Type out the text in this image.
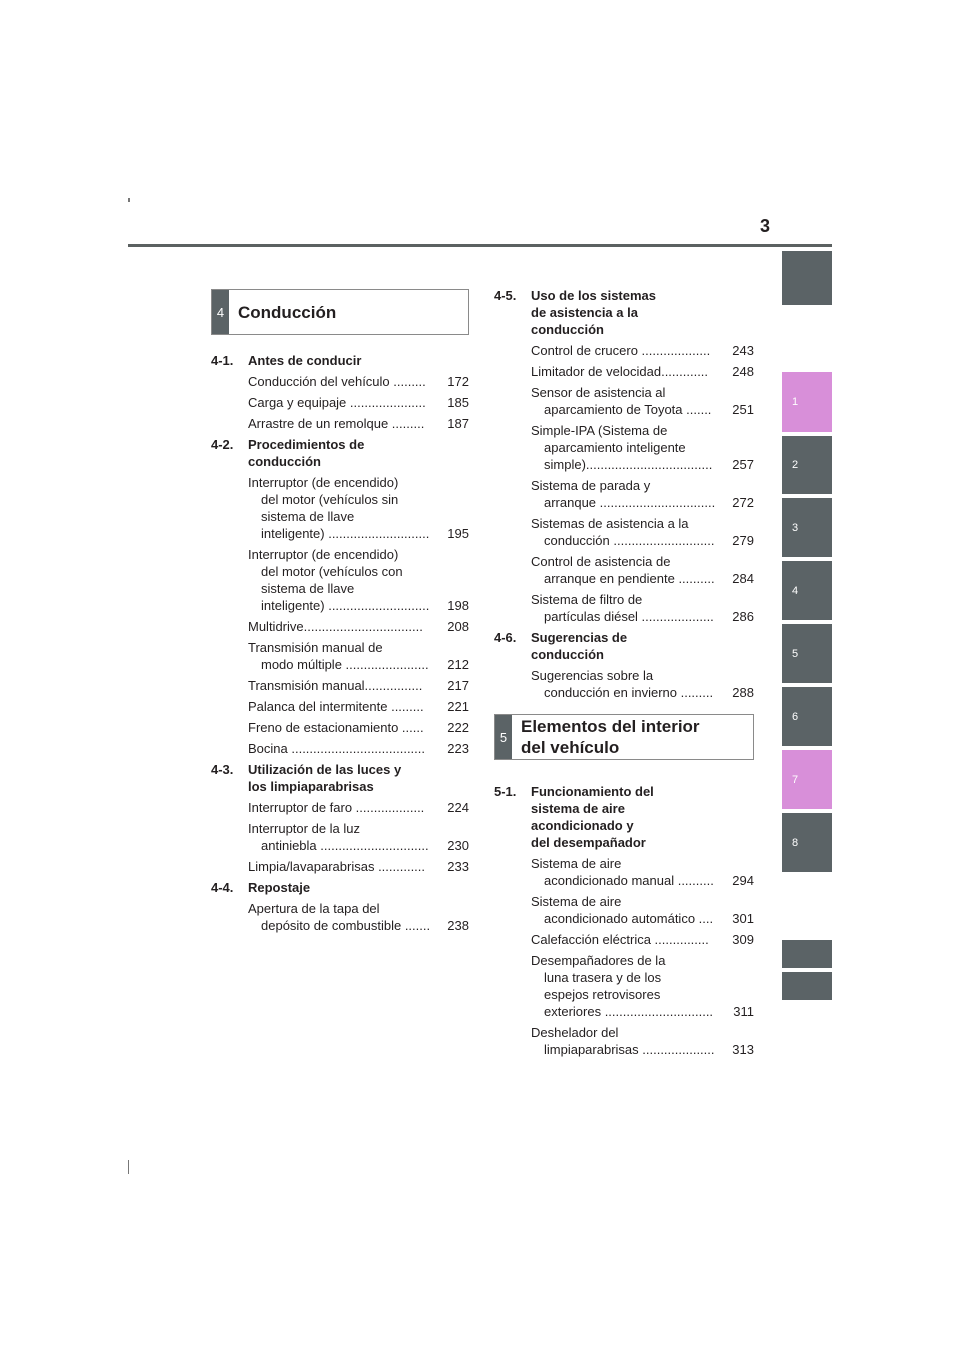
3
1
2
3
4
5
6
7
8
4 Conducción
4-1.	Antes de conducir
Conducción del vehículo .........	172
Carga y equipaje .....................	185
Arrastre de un remolque .........	187
4-2.	Procedimientos de
conducción
Interruptor (de encendido)
del motor (vehículos sin
sistema de llave
inteligente) ............................	195
Interruptor (de encendido)
del motor (vehículos con
sistema de llave
inteligente) ............................	198
Multidrive.................................	208
Transmisión manual de
modo múltiple .......................	212
Transmisión manual................	217
Palanca del intermitente .........	221
Freno de estacionamiento ......	222
Bocina .....................................	223
4-3.	Utilización de las luces y
los limpiaparabrisas
Interruptor de faro ...................	224
Interruptor de la luz
antiniebla ..............................	230
Limpia/lavaparabrisas .............	233
4-4.	Repostaje
Apertura de la tapa del
depósito de combustible .......	238
4-5.	Uso de los sistemas
de asistencia a la
conducción
Control de crucero ...................	243
Limitador de velocidad.............	248
Sensor de asistencia al
aparcamiento de Toyota .......	251
Simple-IPA (Sistema de
aparcamiento inteligente
simple)...................................	257
Sistema de parada y
arranque ................................	272
Sistemas de asistencia a la
conducción ............................	279
Control de asistencia de
arranque en pendiente ..........	284
Sistema de filtro de
partículas diésel ....................	286
4-6.	Sugerencias de
conducción
Sugerencias sobre la
conducción en invierno .........	288
5
Elementos del interior
del vehículo
5-1.	Funcionamiento del
sistema de aire
acondicionado y
del desempañador
Sistema de aire
acondicionado manual ..........	294
Sistema de aire
acondicionado automático ....	301
Calefacción eléctrica ...............	309
Desempañadores de la
luna trasera y de los
espejos retrovisores
exteriores ..............................	311
Deshelador del
limpiaparabrisas ....................	313
